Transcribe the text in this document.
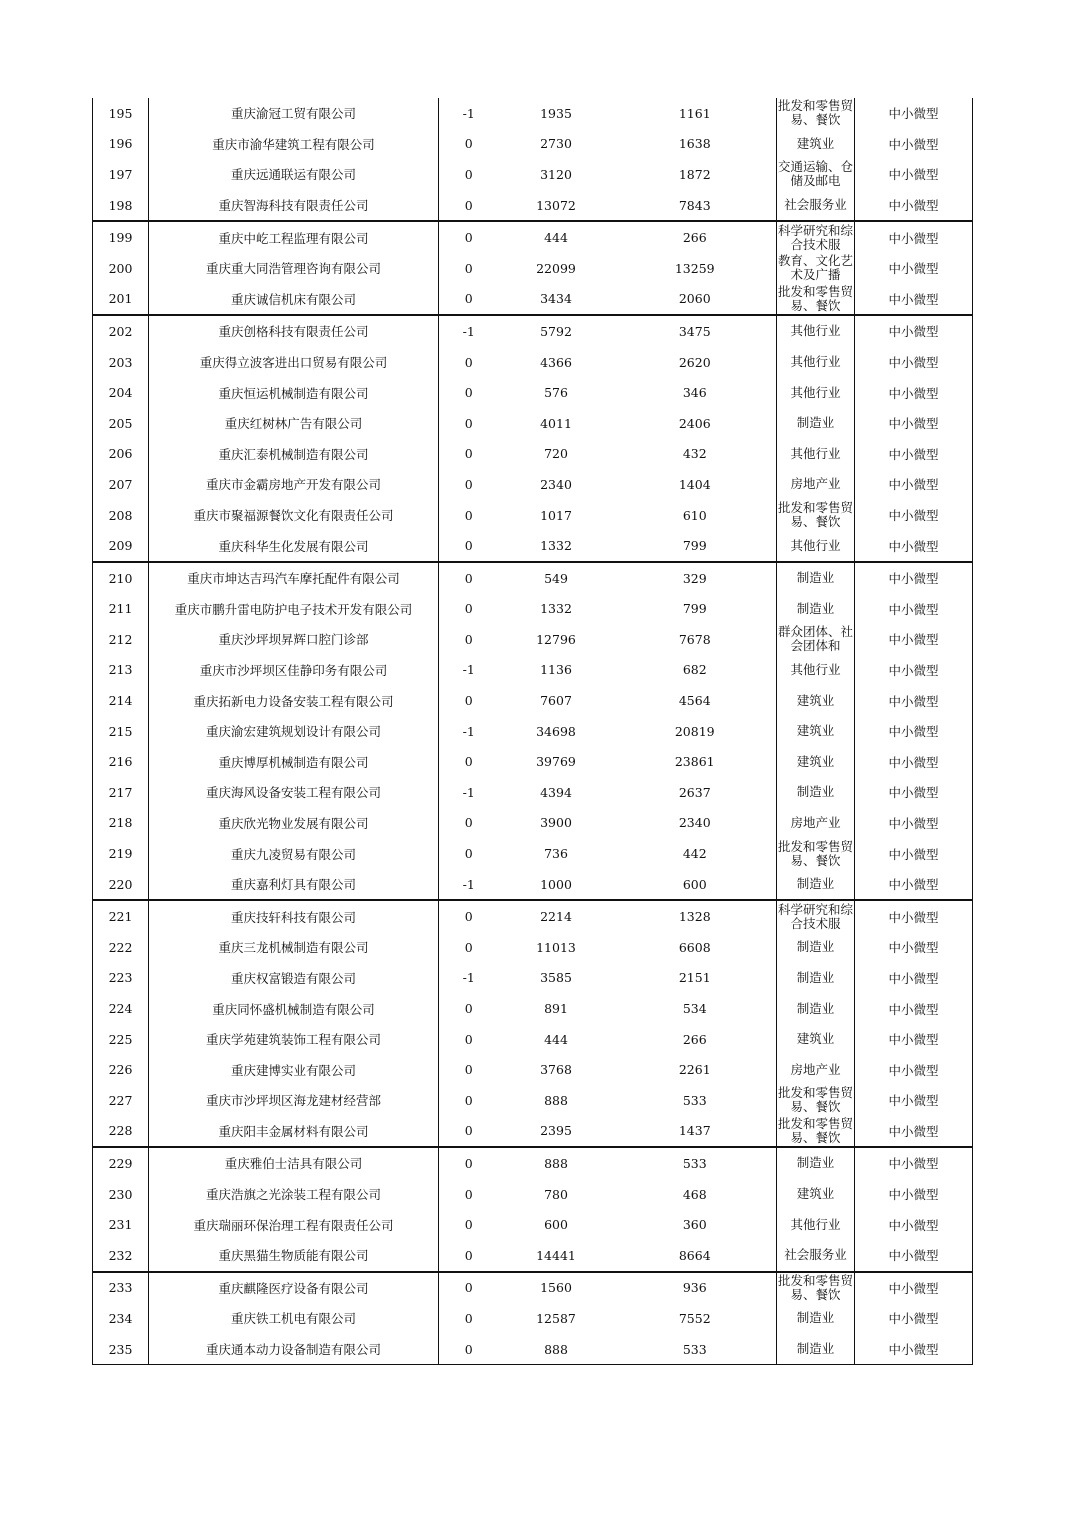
195	重庆渝冠工贸有限公司	-1	1935	1161	批发和零售贸易、餐饮	中小微型
196	重庆市渝华建筑工程有限公司	0	2730	1638	建筑业	中小微型
197	重庆远通联运有限公司	0	3120	1872	交通运输、仓储及邮电	中小微型
198	重庆智海科技有限责任公司	0	13072	7843	社会服务业	中小微型
199	重庆中屹工程监理有限公司	0	444	266	科学研究和综合技术服	中小微型
200	重庆重大同浩管理咨询有限公司	0	22099	13259	教育、文化艺术及广播	中小微型
201	重庆诚信机床有限公司	0	3434	2060	批发和零售贸易、餐饮	中小微型
202	重庆创格科技有限责任公司	-1	5792	3475	其他行业	中小微型
203	重庆得立波客进出口贸易有限公司	0	4366	2620	其他行业	中小微型
204	重庆恒运机械制造有限公司	0	576	346	其他行业	中小微型
205	重庆红树林广告有限公司	0	4011	2406	制造业	中小微型
206	重庆汇泰机械制造有限公司	0	720	432	其他行业	中小微型
207	重庆市金霸房地产开发有限公司	0	2340	1404	房地产业	中小微型
208	重庆市聚福源餐饮文化有限责任公司	0	1017	610	批发和零售贸易、餐饮	中小微型
209	重庆科华生化发展有限公司	0	1332	799	其他行业	中小微型
210	重庆市坤达吉玛汽车摩托配件有限公司	0	549	329	制造业	中小微型
211	重庆市鹏升雷电防护电子技术开发有限公司	0	1332	799	制造业	中小微型
212	重庆沙坪坝昇辉口腔门诊部	0	12796	7678	群众团体、社会团体和	中小微型
213	重庆市沙坪坝区佳静印务有限公司	-1	1136	682	其他行业	中小微型
214	重庆拓新电力设备安装工程有限公司	0	7607	4564	建筑业	中小微型
215	重庆渝宏建筑规划设计有限公司	-1	34698	20819	建筑业	中小微型
216	重庆博厚机械制造有限公司	0	39769	23861	建筑业	中小微型
217	重庆海风设备安装工程有限公司	-1	4394	2637	制造业	中小微型
218	重庆欣光物业发展有限公司	0	3900	2340	房地产业	中小微型
219	重庆九凌贸易有限公司	0	736	442	批发和零售贸易、餐饮	中小微型
220	重庆嘉利灯具有限公司	-1	1000	600	制造业	中小微型
221	重庆技轩科技有限公司	0	2214	1328	科学研究和综合技术服	中小微型
222	重庆三龙机械制造有限公司	0	11013	6608	制造业	中小微型
223	重庆权富锻造有限公司	-1	3585	2151	制造业	中小微型
224	重庆同怀盛机械制造有限公司	0	891	534	制造业	中小微型
225	重庆学苑建筑装饰工程有限公司	0	444	266	建筑业	中小微型
226	重庆建博实业有限公司	0	3768	2261	房地产业	中小微型
227	重庆市沙坪坝区海龙建材经营部	0	888	533	批发和零售贸易、餐饮	中小微型
228	重庆阳丰金属材料有限公司	0	2395	1437	批发和零售贸易、餐饮	中小微型
229	重庆雅伯士洁具有限公司	0	888	533	制造业	中小微型
230	重庆浩旗之光涂装工程有限公司	0	780	468	建筑业	中小微型
231	重庆瑞丽环保治理工程有限责任公司	0	600	360	其他行业	中小微型
232	重庆黑猫生物质能有限公司	0	14441	8664	社会服务业	中小微型
233	重庆麒隆医疗设备有限公司	0	1560	936	批发和零售贸易、餐饮	中小微型
234	重庆铁工机电有限公司	0	12587	7552	制造业	中小微型
235	重庆通本动力设备制造有限公司	0	888	533	制造业	中小微型
